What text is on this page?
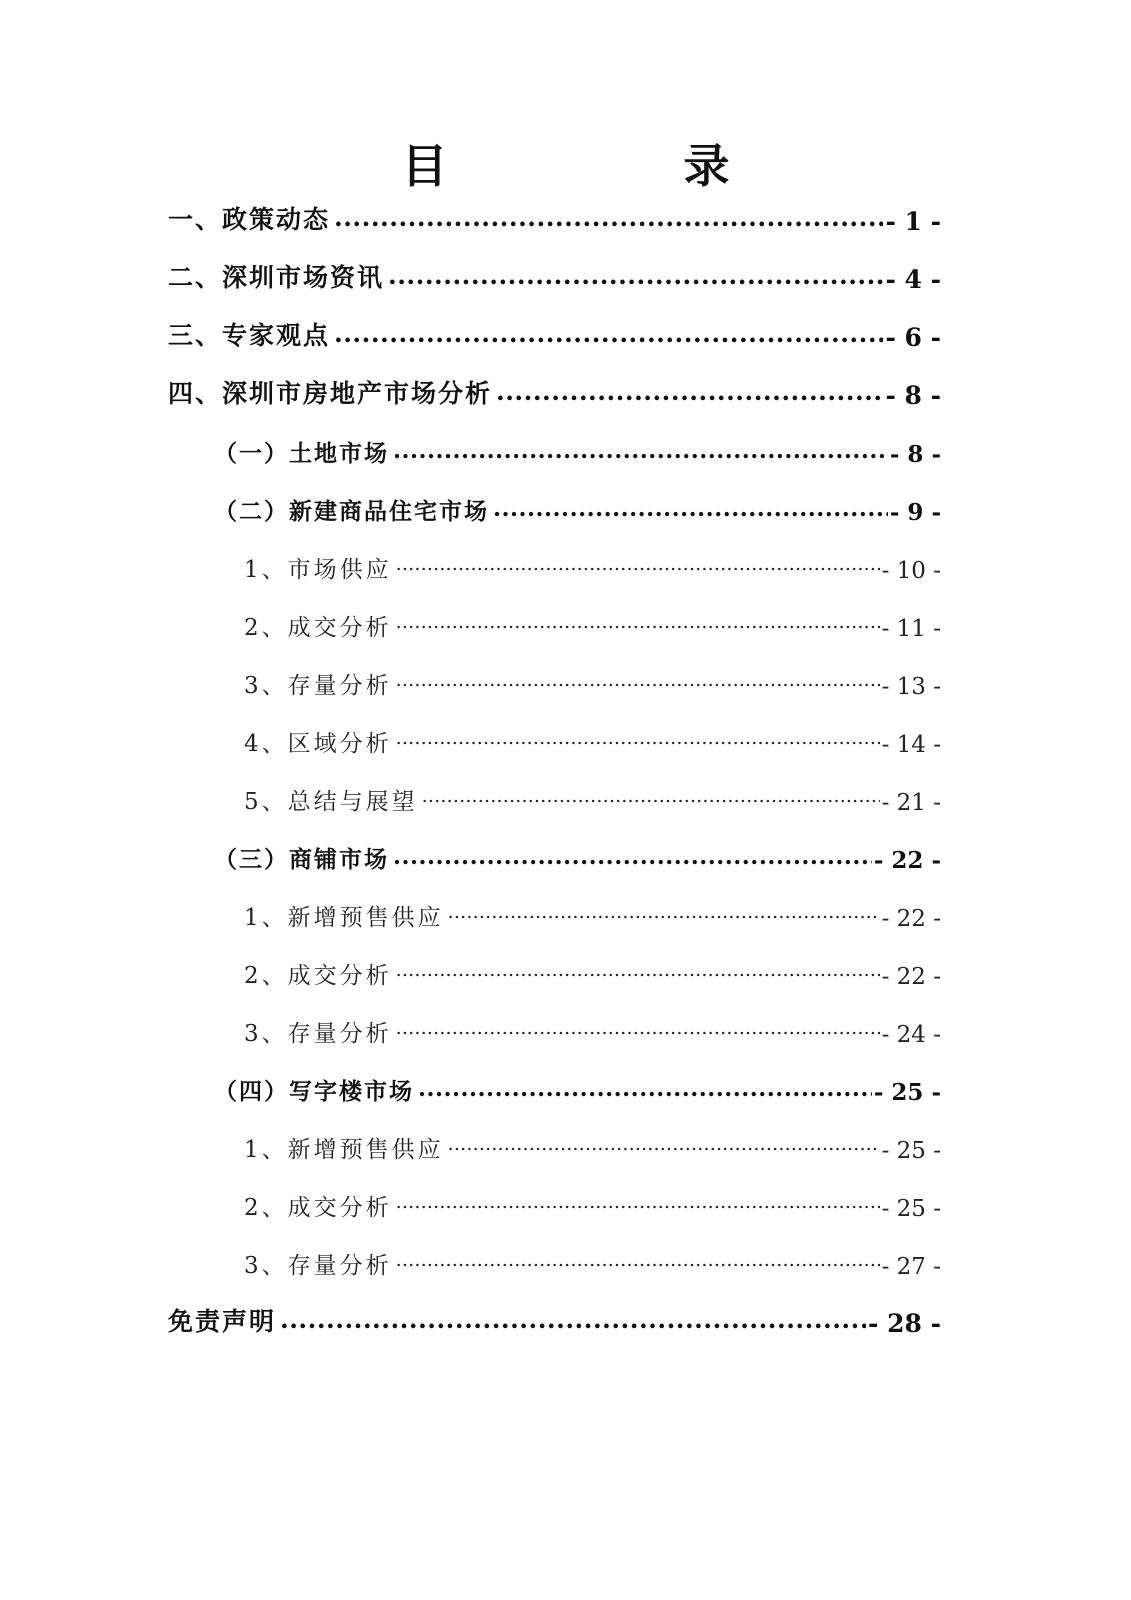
目 录
一、政策动态 .....	- 1 -
二、深圳市场资讯 .....	- 4 -
三、专家观点 .....	- 6 -
四、深圳市房地产市场分析 .....	- 8 -
（一）土地市场 .....	- 8 -
（二）新建商品住宅市场 .....	- 9 -
1、市场供应 .....	- 10 -
2、成交分析 .....	- 11 -
3、存量分析 .....	- 13 -
4、区域分析 .....	- 14 -
5、总结与展望 .....	- 21 -
（三）商铺市场 .....	- 22 -
1、新增预售供应 .....	- 22 -
2、成交分析 .....	- 22 -
3、存量分析 .....	- 24 -
（四）写字楼市场 .....	- 25 -
1、新增预售供应 .....	- 25 -
2、成交分析 .....	- 25 -
3、存量分析 .....	- 27 -
免责声明 .....	- 28 -
